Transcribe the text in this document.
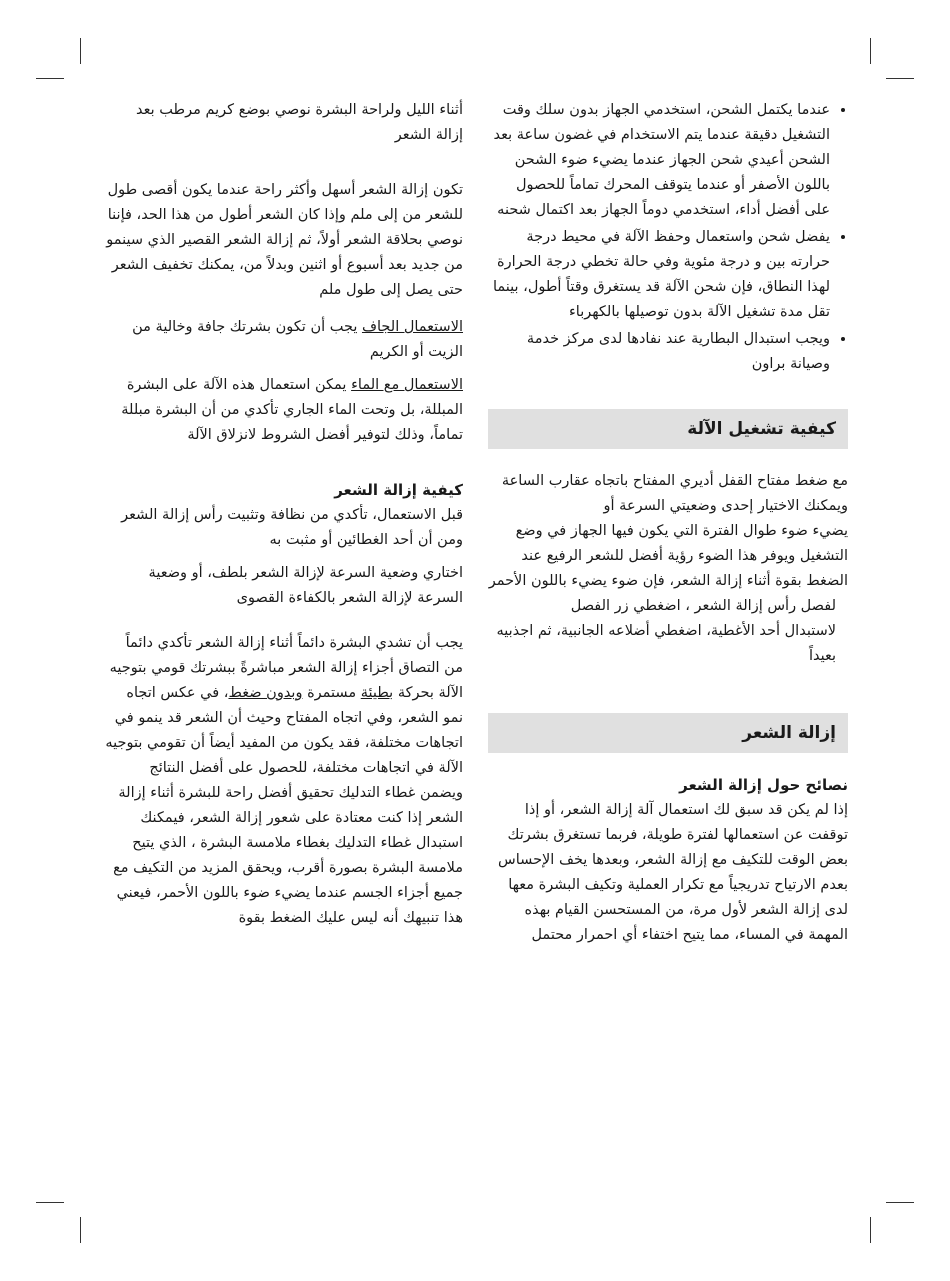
• عندما يكتمل الشحن، استخدمي الجهاز بدون سلك وقت التشغيل دقيقة عندما يتم الاستخدام في غضون ساعة بعد الشحن أعيدي شحن الجهاز عندما يضيء ضوء الشحن باللون الأصفر أو عندما يتوقف المحرك تماماً للحصول على أفضل أداء، استخدمي دوماً الجهاز بعد اكتمال شحنه
• يفضل شحن واستعمال وحفظ الآلة في محيط درجة حرارته بين و درجة مئوية وفي حالة تخطي درجة الحرارة لهذا النطاق، فإن شحن الآلة قد يستغرق وقتاً أطول، بينما تقل مدة تشغيل الآلة بدون توصيلها بالكهرباء
• ويجب استبدال البطارية عند نفادها لدى مركز خدمة وصيانة براون
كيفية تشغيل الآلة

مع ضغط مفتاح القفل أديري المفتاح باتجاه عقارب الساعة ويمكنك الاختيار إحدى وضعيتي السرعة أو

يضيء ضوء طوال الفترة التي يكون فيها الجهاز في وضع التشغيل ويوفر هذا الضوء رؤية أفضل للشعر الرفيع عند الضغط بقوة أثناء إزالة الشعر، فإن ضوء يضيء باللون الأحمر

لفصل رأس إزالة الشعر ، اضغطي زر الفصل

لاستبدال أحد الأغطية، اضغطي أضلاعه الجانبية، ثم اجذبيه بعيداً

إزالة الشعر

نصائح حول إزالة الشعر

إذا لم يكن قد سبق لك استعمال آلة إزالة الشعر، أو إذا توقفت عن استعمالها لفترة طويلة، فربما تستغرق بشرتك بعض الوقت للتكيف مع إزالة الشعر، وبعدها يخف الإحساس بعدم الارتياح تدريجياً مع تكرار العملية وتكيف البشرة معها

لدى إزالة الشعر لأول مرة، من المستحسن القيام بهذه المهمة في المساء، مما يتيح اختفاء أي احمرار محتمل

أثناء الليل ولراحة البشرة نوصي بوضع كريم مرطب بعد إزالة الشعر

تكون إزالة الشعر أسهل وأكثر راحة عندما يكون أقصى طول للشعر من إلى ملم وإذا كان الشعر أطول من هذا الحد، فإننا نوصي بحلاقة الشعر أولاً، ثم إزالة الشعر القصير الذي سينمو من جديد بعد أسبوع أو اثنين وبدلاً من، يمكنك تخفيف الشعر حتى يصل إلى طول ملم

الاستعمال الجاف يجب أن تكون بشرتك جافة وخالية من الزيت أو الكريم

الاستعمال مع الماء يمكن استعمال هذه الآلة على البشرة المبللة، بل وتحت الماء الجاري تأكدي من أن البشرة مبللة تماماً، وذلك لتوفير أفضل الشروط لانزلاق الآلة

كيفية إزالة الشعر

قبل الاستعمال، تأكدي من نظافة وتثبيت رأس إزالة الشعر ومن أن أحد الغطائين أو مثبت به

اختاري وضعية السرعة لإزالة الشعر بلطف، أو وضعية السرعة لإزالة الشعر بالكفاءة القصوى

يجب أن تشدي البشرة دائماً أثناء إزالة الشعر تأكدي دائماً من التصاق أجزاء إزالة الشعر مباشرةً ببشرتك قومي بتوجيه الآلة بحركة بطيئة مستمرة وبدون ضغط، في عكس اتجاه نمو الشعر، وفي اتجاه المفتاح وحيث أن الشعر قد ينمو في اتجاهات مختلفة، فقد يكون من المفيد أيضاً أن تقومي بتوجيه الآلة في اتجاهات مختلفة، للحصول على أفضل النتائج ويضمن غطاء التدليك تحقيق أفضل راحة للبشرة أثناء إزالة الشعر إذا كنت معتادة على شعور إزالة الشعر، فيمكنك استبدال غطاء التدليك بغطاء ملامسة البشرة ، الذي يتيح ملامسة البشرة بصورة أقرب، ويحقق المزيد من التكيف مع جميع أجزاء الجسم عندما يضيء ضوء باللون الأحمر، فيعني هذا تنبيهك أنه ليس عليك الضغط بقوة
